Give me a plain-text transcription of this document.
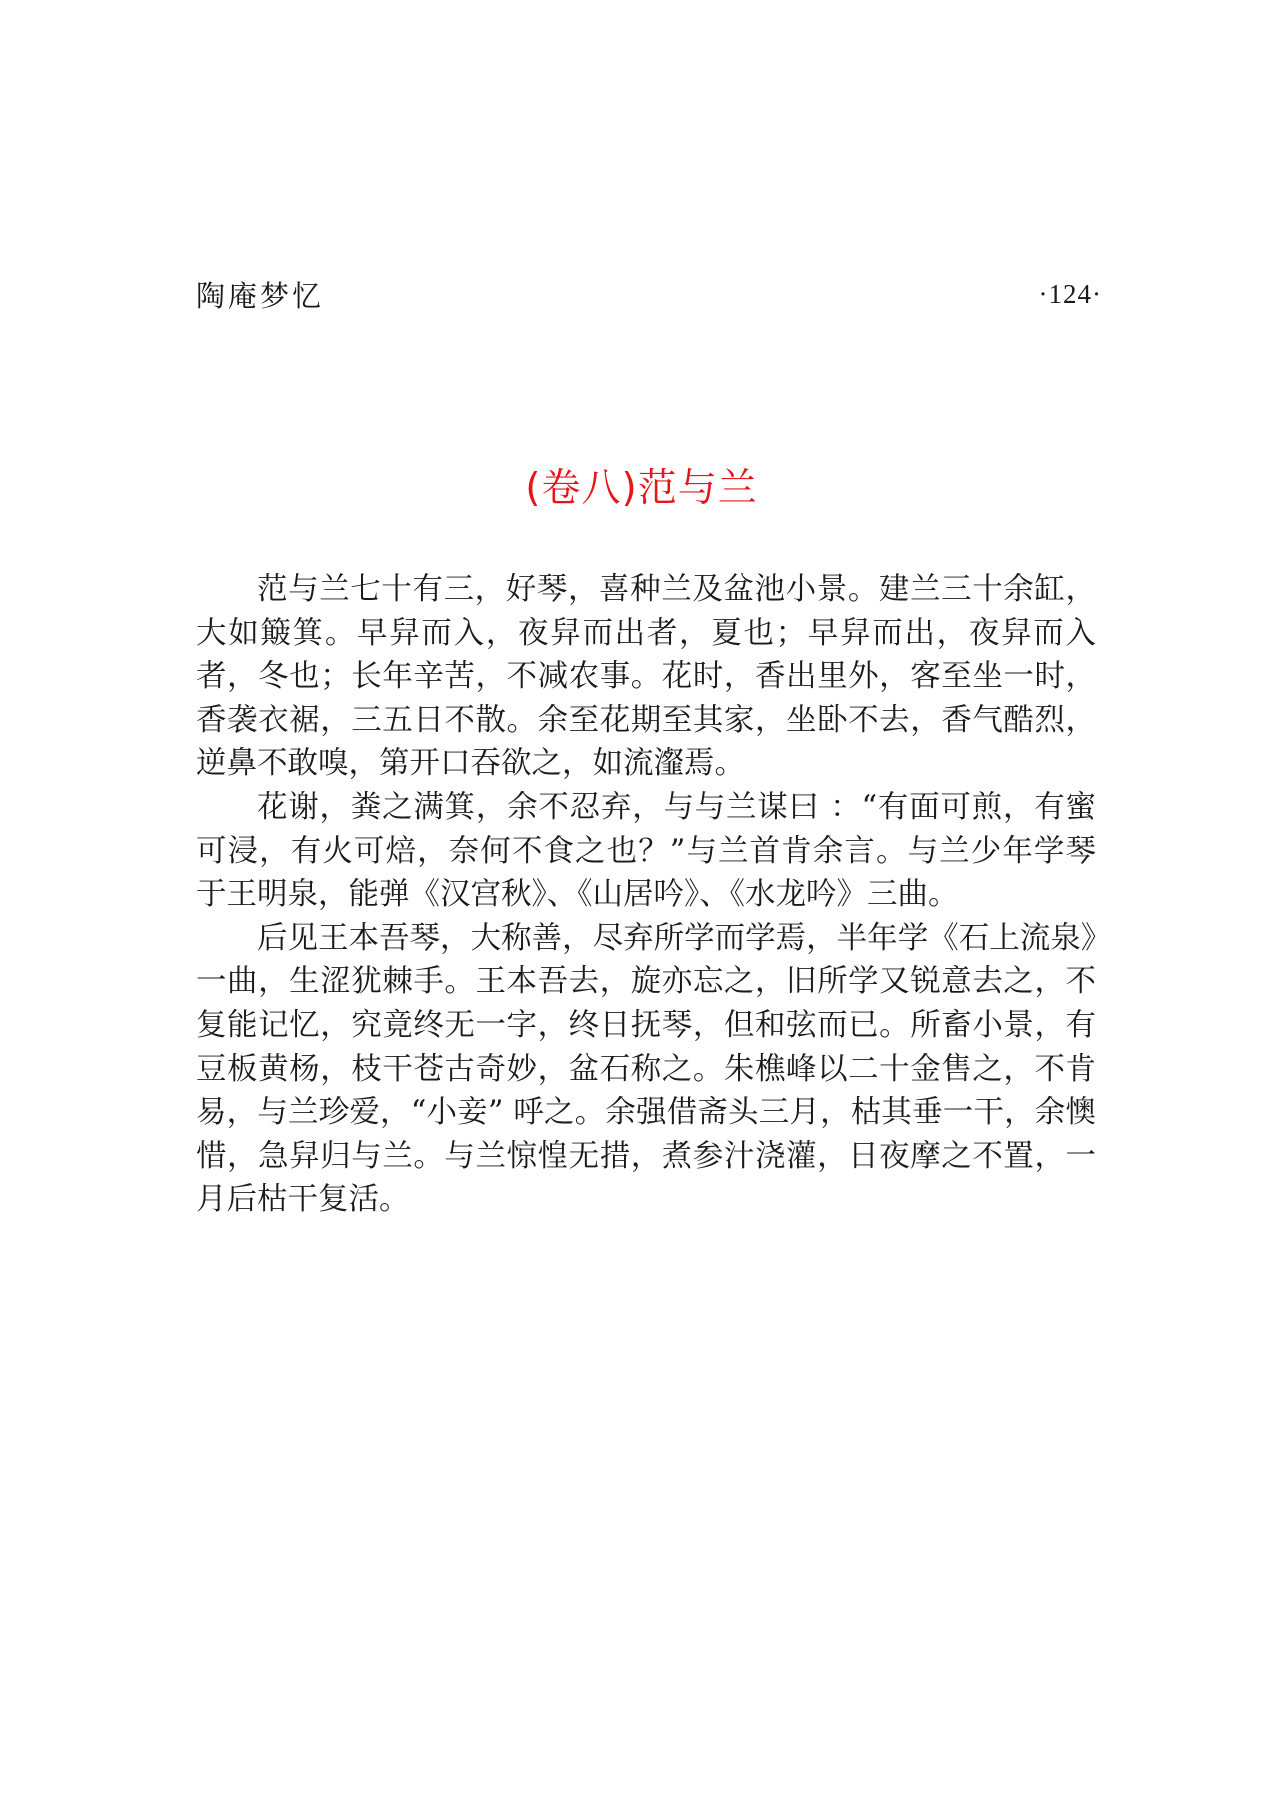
陶庵梦忆	·124·
(卷八)范与兰

范与兰七十有三，好琴，喜种兰及盆池小景。建兰三十余缸，大如簸箕。早舁而入，夜舁而出者，夏也；早舁而出，夜舁而入者，冬也；长年辛苦，不减农事。花时，香出里外，客至坐一时，香袭衣裾，三五日不散。余至花期至其家，坐卧不去，香气酷烈，逆鼻不敢嗅，第开口吞欲之，如流瀣焉。

花谢，粪之满箕，余不忍弃，与与兰谋曰 ：“有面可煎，有蜜可浸，有火可焙，奈何不食之也？”与兰首肯余言。与兰少年学琴于王明泉，能弹《汉宫秋》、《山居吟》、《水龙吟》三曲。

后见王本吾琴，大称善，尽弃所学而学焉，半年学《石上流泉》一曲，生涩犹棘手。王本吾去，旋亦忘之，旧所学又锐意去之，不复能记忆，究竟终无一字，终日抚琴，但和弦而已。所畜小景，有豆板黄杨，枝干苍古奇妙，盆石称之。朱樵峰以二十金售之，不肯易，与兰珍爱，“小妾” 呼之。余强借斋头三月，枯其垂一干，余懊惜，急舁归与兰。与兰惊惶无措，煮参汁浇灌，日夜摩之不置，一月后枯干复活。
